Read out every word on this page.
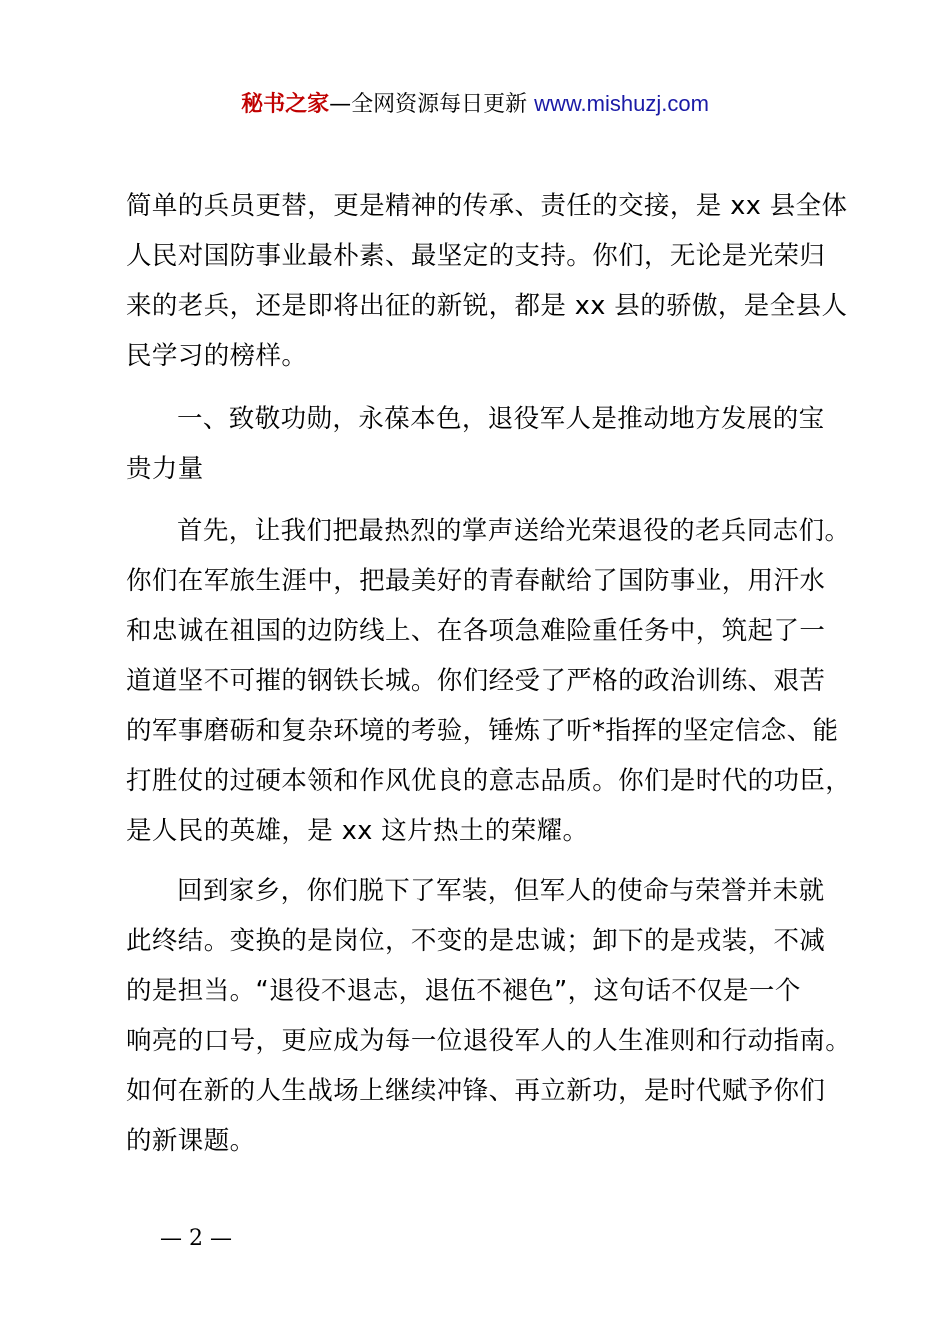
秘书之家—全网资源每日更新 www.mishuzj.com
简单的兵员更替，更是精神的传承、责任的交接，是 xx 县全体
人民对国防事业最朴素、最坚定的支持。你们，无论是光荣归
来的老兵，还是即将出征的新锐，都是 xx 县的骄傲，是全县人
民学习的榜样。
一、致敬功勋，永葆本色，退役军人是推动地方发展的宝
贵力量
首先，让我们把最热烈的掌声送给光荣退役的老兵同志们。
你们在军旅生涯中，把最美好的青春献给了国防事业，用汗水
和忠诚在祖国的边防线上、在各项急难险重任务中，筑起了一
道道坚不可摧的钢铁长城。你们经受了严格的政治训练、艰苦
的军事磨砺和复杂环境的考验，锤炼了听*指挥的坚定信念、能
打胜仗的过硬本领和作风优良的意志品质。你们是时代的功臣，
是人民的英雄，是 xx 这片热土的荣耀。
回到家乡，你们脱下了军装，但军人的使命与荣誉并未就
此终结。变换的是岗位，不变的是忠诚；卸下的是戎装，不减
的是担当。“退役不退志，退伍不褪色”，这句话不仅是一个
响亮的口号，更应成为每一位退役军人的人生准则和行动指南。
如何在新的人生战场上继续冲锋、再立新功，是时代赋予你们
的新课题。
— 2 —
